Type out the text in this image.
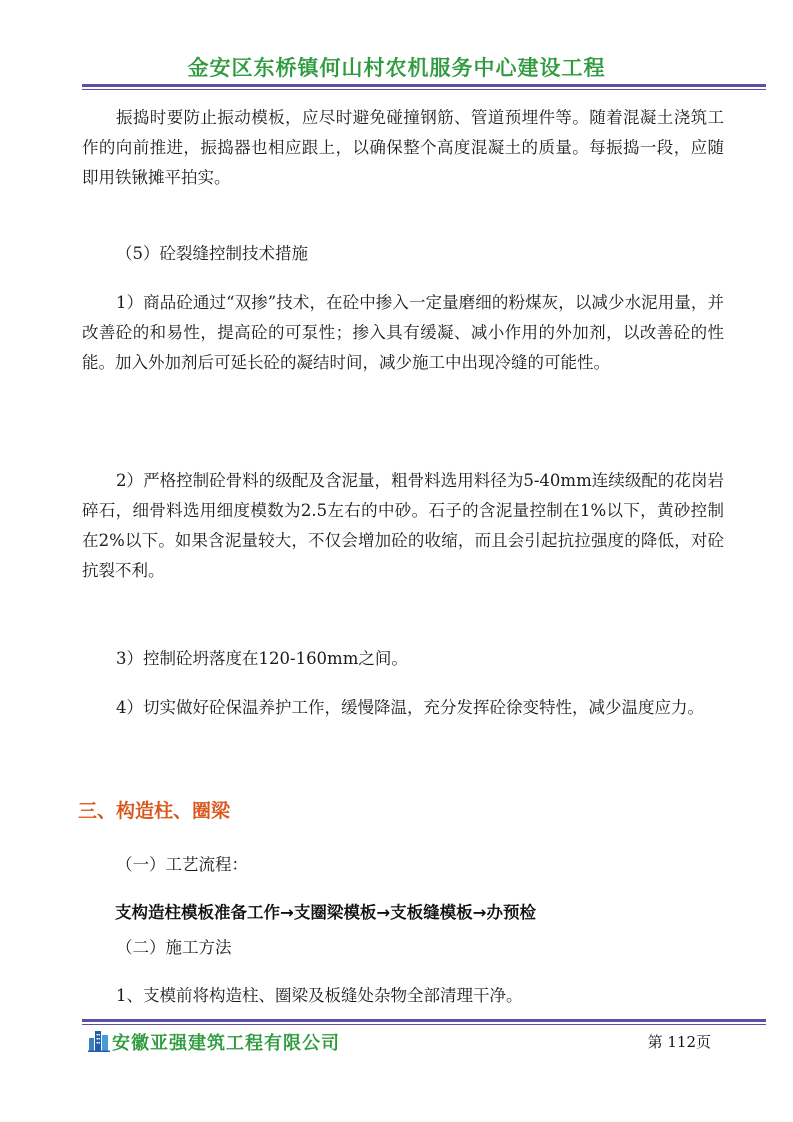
金安区东桥镇何山村农机服务中心建设工程

振捣时要防止振动模板，应尽时避免碰撞钢筋、管道预埋件等。随着混凝土浇筑工作的向前推进，振捣器也相应跟上，以确保整个高度混凝土的质量。每振捣一段，应随即用铁锹摊平拍实。

（5）砼裂缝控制技术措施

1）商品砼通过“双掺”技术，在砼中掺入一定量磨细的粉煤灰，以减少水泥用量，并改善砼的和易性，提高砼的可泵性；掺入具有缓凝、减小作用的外加剂，以改善砼的性能。加入外加剂后可延长砼的凝结时间，减少施工中出现冷缝的可能性。

2）严格控制砼骨料的级配及含泥量，粗骨料选用料径为5-40mm连续级配的花岗岩碎石，细骨料选用细度模数为2.5左右的中砂。石子的含泥量控制在1%以下，黄砂控制在2%以下。如果含泥量较大，不仅会增加砼的收缩，而且会引起抗拉强度的降低，对砼抗裂不利。

3）控制砼坍落度在120-160mm之间。

4）切实做好砼保温养护工作，缓慢降温，充分发挥砼徐变特性，减少温度应力。

三、构造柱、圈梁

（一）工艺流程：

支构造柱模板准备工作→支圈梁模板→支板缝模板→办预检

（二）施工方法

1、支模前将构造柱、圈梁及板缝处杂物全部清理干净。

安徽亚强建筑工程有限公司	第 112页
